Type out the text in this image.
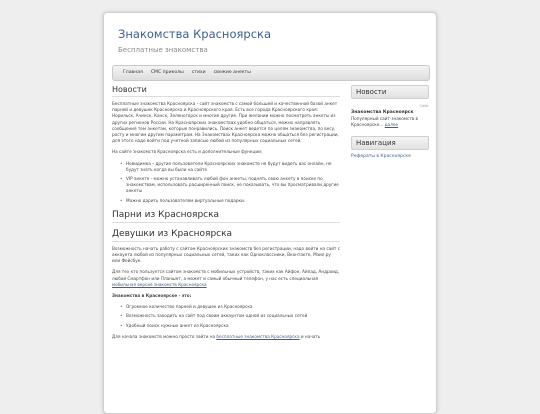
Знакомства Красноярска
Бесплатные знакомства
Главная	СМС приколы	стихи	свежие анекты
Новости

Бесплатные знакомства Красноярска - сайт знакомств с самой большей и качественной базой анкет парней и девушек Красноярска и Красноярского края. Есть все города Красноярского края: Норильск, Ачинск, Канск, Зеленогорск и многие другие. При желании можно посмотреть анкеты из других регионов России. На Красноярских знакомствах удобно общаться, можно направлять сообщения тем анкетам, которые понравились. Поиск анкет ведется по целям знакомства, по весу, росту и многим другим параметрам. На Знакомствах Красноярска можно общаться без регистрации, для этого надо войти под учетной записью любой из популярных социальных сетей.

На сайте знакомств Красноярска есть и дополнительные функции:

• Невидимка – другие пользователи Красноярских знакомств не будут видеть вас онлайн, не будут знать когда вы были на сайте
• VIP анкете - можно устанавливать любой фон анкеты, поднять свою анкету в поиске по знакомствам, использовать расширенный поиск, не показывать, что вы просматривали другие анкеты
• Можно дарить пользователям виртуальные подарки.
Парни из Красноярска
Девушки из Красноярска

Возможность начать работу с сайтом Красноярских знакомств без регистрации, надо войти на сайт с аккаунта любой из популярных социальных сетей, таких как Одноклассники, Вконтакте, Мэил.ру или Фейсбук.

Для тех кто пользуется сайтом знакомств с мобильных устройств, таких как Айфон, Айпад, Андроид, любой Смартфон или Планшет, а может и самый обычный телефон, у нас есть специальная мобильная версия знакомств Красноярска

Знакомства в Красноярске - это:

• Огромное количество парней и девушек из Красноярска
• Возможность заходить на сайт под своим аккаунтом одной из социальных сетей
• Удобный поиск нужных анкет из Красноярска

Для начала знакомств можно просто зайти на бесплатные знакомства Красноярска и начать

Новости
Сейт
Знакомства Красноярск
Популярный сайт знакомств в Красноярске... далее
Навигация
Рефераты в Красноярске
